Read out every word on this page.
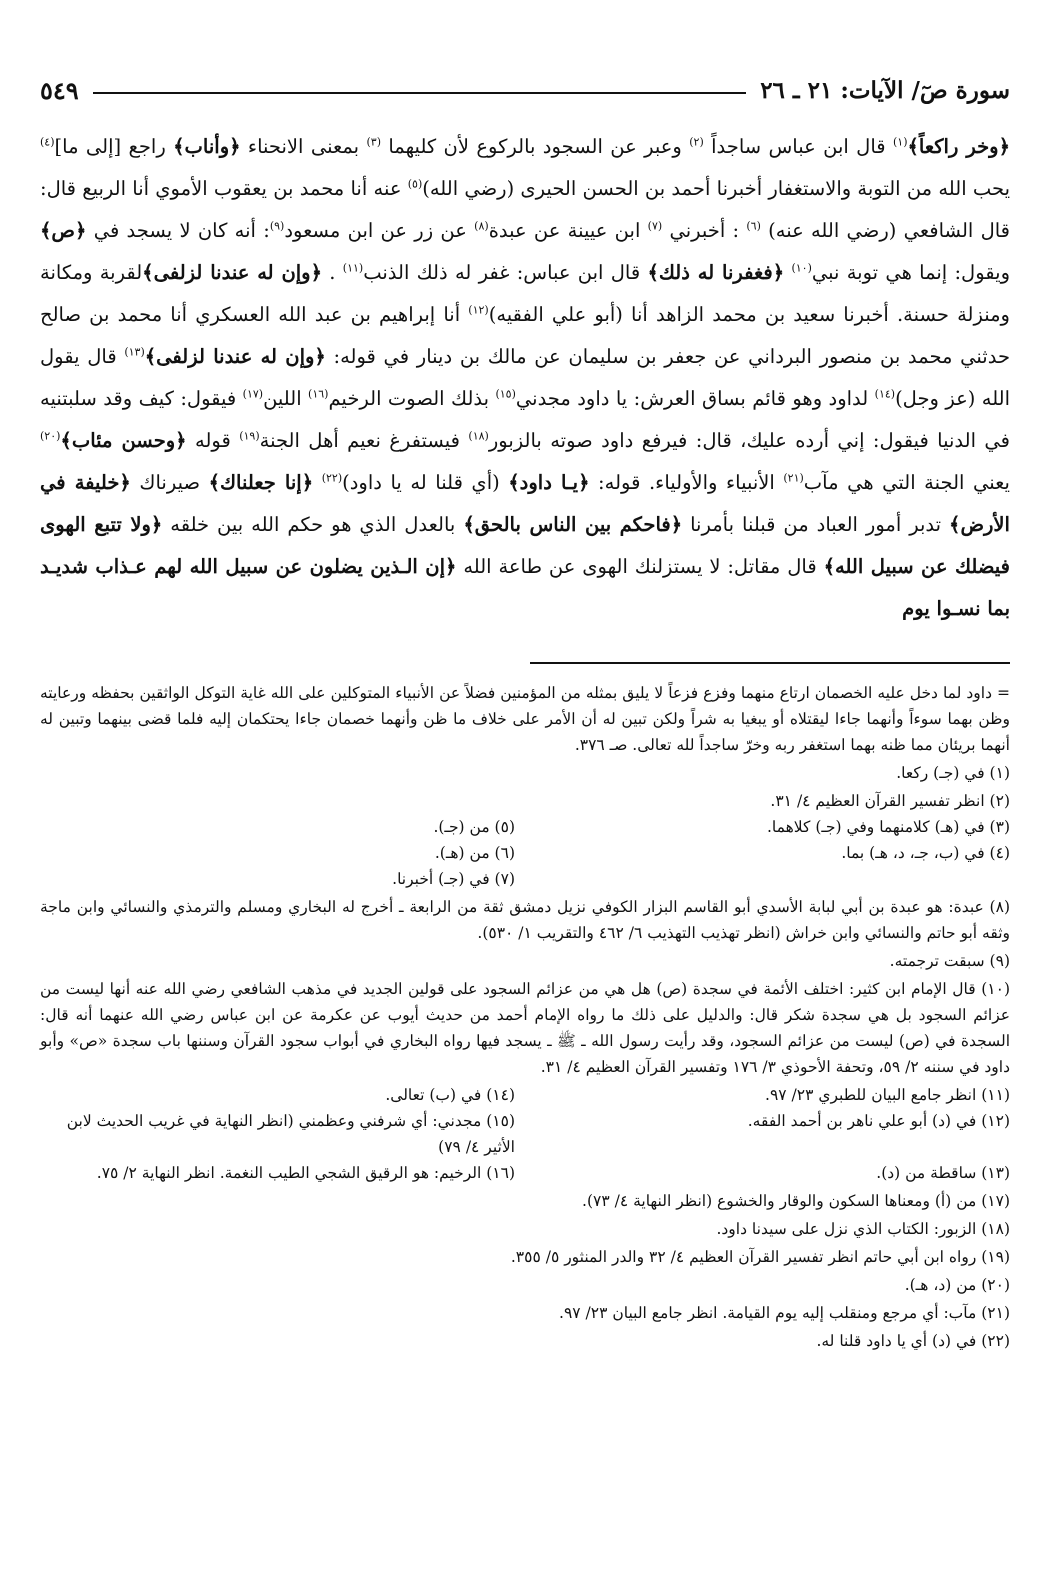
سورة صٓ/ الآيات: ٢١ ـ ٢٦
٥٤٩

﴿وخر راكعاً﴾$^{(١)}$ قال ابن عباس ساجداً $^{(٢)}$ وعبر عن السجود بالركوع لأن كليهما $^{(٣)}$ بمعنى الانحناء ﴿وأناب﴾ راجع [إلى ما]$^{(٤)}$ يحب الله من التوبة والاستغفار أخبرنا أحمد بن الحسن الحيرى (رضي الله)$^{(٥)}$ عنه أنا محمد بن يعقوب الأموي أنا الربيع قال: قال الشافعي (رضي الله عنه) $^{(٦)}$ : أخبرني $^{(٧)}$ ابن عيينة عن عبدة$^{(٨)}$ عن زر عن ابن مسعود$^{(٩)}$: أنه كان لا يسجد في ﴿ص﴾ويقول: إنما هي توبة نبي$^{(١٠)}$ ﴿فغفرنا له ذلك﴾ قال ابن عباس: غفر له ذلك الذنب$^{(١١)}$ . ﴿وإن له عندنا لزلفى﴾لقربة ومكانة ومنزلة حسنة. أخبرنا سعيد بن محمد الزاهد أنا (أبو علي الفقيه)$^{(١٢)}$ أنا إبراهيم بن عبد الله العسكري أنا محمد بن صالح حدثني محمد بن منصور البرداني عن جعفر بن سليمان عن مالك بن دينار في قوله: ﴿وإن له عندنا لزلفى﴾$^{(١٣)}$ قال يقول الله (عز وجل)$^{(١٤)}$ لداود وهو قائم بساق العرش: يا داود مجدني$^{(١٥)}$ بذلك الصوت الرخيم$^{(١٦)}$ اللين$^{(١٧)}$ فيقول: كيف وقد سلبتنيه في الدنيا فيقول: إني أرده عليك، قال: فيرفع داود صوته بالزبور$^{(١٨)}$ فيستفرغ نعيم أهل الجنة$^{(١٩)}$ قوله ﴿وحسن مئاب﴾$^{(٢٠)}$ يعني الجنة التي هي مآب$^{(٢١)}$ الأنبياء والأولياء. قوله: ﴿يـا داود﴾ (أي قلنا له يا داود)$^{(٢٢)}$ ﴿إنا جعلناك﴾ صيرناك ﴿خليفة في الأرض﴾ تدبر أمور العباد من قبلنا بأمرنا ﴿فاحكم بين الناس بالحق﴾ بالعدل الذي هو حكم الله بين خلقه ﴿ولا تتبع الهوى فيضلك عن سبيل الله﴾ قال مقاتل: لا يستزلنك الهوى عن طاعة الله ﴿إن الـذين يضلون عن سبيل الله لهم عـذاب شديـد بما نسـوا يوم

= داود لما دخل عليه الخصمان ارتاع منهما وفزع فزعاً لا يليق بمثله من المؤمنين فضلاً عن الأنبياء المتوكلين على الله غاية التوكل الواثقين بحفظه ورعايته وظن بهما سوءاً وأنهما جاءا ليقتلاه أو يبغيا به شراً ولكن تبين له أن الأمر على خلاف ما ظن وأنهما خصمان جاءا يحتكمان إليه فلما قضى بينهما وتبين له أنهما بريئان مما ظنه بهما استغفر ربه وخرّ ساجداً لله تعالى. صـ ٣٧٦.

(١) في (جـ) ركعا.

(٢) انظر تفسير القرآن العظيم ٤/ ٣١.
(٣) في (هـ) كلامنهما وفي (جـ) كلاهما.
(٥) من (جـ).
(٤) في (ب، جـ، د، هـ) بما.
(٦) من (هـ).
(٧) في (جـ) أخبرنا.

(٨) عبدة: هو عبدة بن أبي لبابة الأسدي أبو القاسم البزار الكوفي نزيل دمشق ثقة من الرابعة ـ أخرج له البخاري ومسلم والترمذي والنسائي وابن ماجة وثقه أبو حاتم والنسائي وابن خراش (انظر تهذيب التهذيب ٦/ ٤٦٢ والتقريب ١/ ٥٣٠).

(٩) سبقت ترجمته.

(١٠) قال الإمام ابن كثير: اختلف الأئمة في سجدة (ص) هل هي من عزائم السجود على قولين الجديد في مذهب الشافعي رضي الله عنه أنها ليست من عزائم السجود بل هي سجدة شكر قال: والدليل على ذلك ما رواه الإمام أحمد من حديث أيوب عن عكرمة عن ابن عباس رضي الله عنهما أنه قال: السجدة في (ص) ليست من عزائم السجود، وقد رأيت رسول الله ـ ﷺ ـ يسجد فيها رواه البخاري في أبواب سجود القرآن وسننها باب سجدة «ص» وأبو داود في سننه ٢/ ٥٩، وتحفة الأحوذي ٣/ ١٧٦ وتفسير القرآن العظيم ٤/ ٣١.

(١١) انظر جامع البيان للطبري ٢٣/ ٩٧.
(١٤) في (ب) تعالى.
(١٢) في (د) أبو علي ناهر بن أحمد الفقه.
(١٥) مجدني: أي شرفني وعظمني (انظر النهاية في غريب الحديث لابن الأثير ٤/ ٧٩)
(١٣) ساقطة من (د).
(١٦) الرخيم: هو الرقيق الشجي الطيب النغمة. انظر النهاية ٢/ ٧٥.

(١٧) من (أ) ومعناها السكون والوقار والخشوع (انظر النهاية ٤/ ٧٣).

(١٨) الزبور: الكتاب الذي نزل على سيدنا داود.

(١٩) رواه ابن أبي حاتم انظر تفسير القرآن العظيم ٤/ ٣٢ والدر المنثور ٥/ ٣٥٥.

(٢٠) من (د، هـ).

(٢١) مآب: أي مرجع ومنقلب إليه يوم القيامة. انظر جامع البيان ٢٣/ ٩٧.

(٢٢) في (د) أي يا داود قلنا له.
